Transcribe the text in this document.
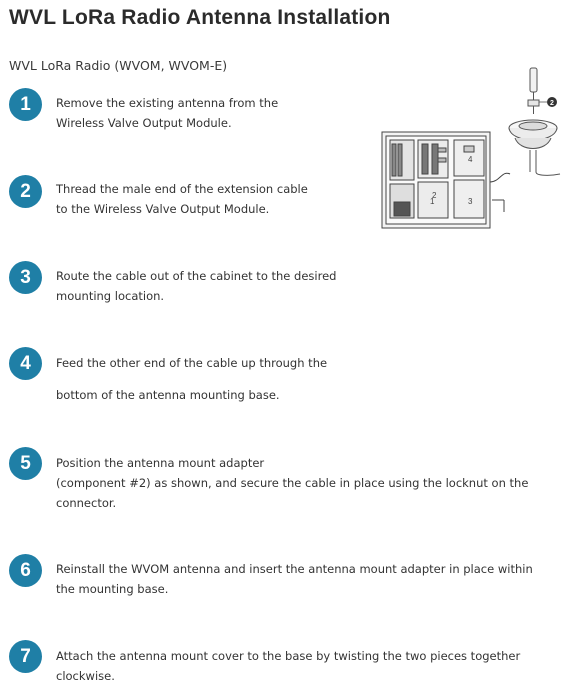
WVL LoRa Radio Antenna Installation
WVL LoRa Radio (WVOM, WVOM-E)
1	Remove the existing antenna from the
Wireless Valve Output Module.
2	Thread the male end of the extension cable
to the Wireless Valve Output Module.
3	Route the cable out of the cabinet to the desired
mounting location.
4	Feed the other end of the cable up through the
bottom of the antenna mounting base.
5	Position the antenna mount adapter
(component #2) as shown, and secure the cable in place using the locknut on the
connector.
6	Reinstall the WVOM antenna and insert the antenna mount adapter in place within
the mounting base.
7	Attach the antenna mount cover to the base by twisting the two pieces together
clockwise.
2
1
2
3
4
